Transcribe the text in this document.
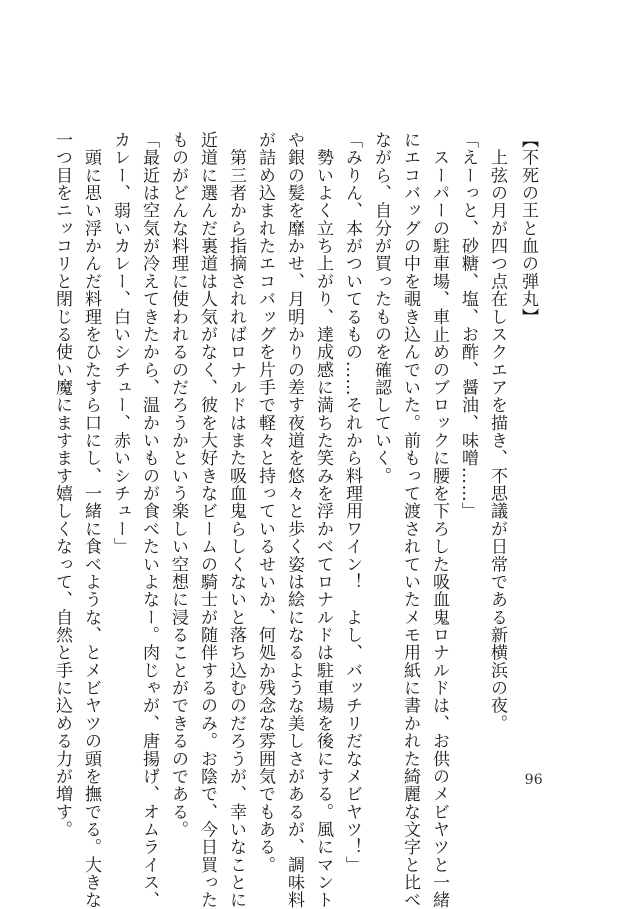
【不死の王と血の弾丸】
　上弦の月が四つ点在しスクエアを描き、不思議が日常である新横浜の夜。
「えーっと、砂糖、塩、お酢、醤油、味噌……」
　スーパーの駐車場、車止めのブロックに腰を下ろした吸血鬼ロナルドは、お供のメビヤツと一緒
にエコバッグの中を覗き込んでいた。前もって渡されていたメモ用紙に書かれた綺麗な文字と比べ
ながら、自分が買ったものを確認していく。
「みりん、本がついてるもの……それから料理用ワイン！　よし、バッチリだなメビヤツ！」
　勢いよく立ち上がり、達成感に満ちた笑みを浮かべてロナルドは駐車場を後にする。風にマント
や銀の髪を靡かせ、月明かりの差す夜道を悠々と歩く姿は絵になるような美しさがあるが、調味料
が詰め込まれたエコバッグを片手で軽々と持っているせいか、何処か残念な雰囲気でもある。
　第三者から指摘されればロナルドはまた吸血鬼らしくないと落ち込むのだろうが、幸いなことに
近道に選んだ裏道は人気がなく、彼を大好きなビームの騎士が随伴するのみ。お陰で、今日買った
ものがどんな料理に使われるのだろうかという楽しい空想に浸ることができるのである。
「最近は空気が冷えてきたから、温かいものが食べたいよなー。肉じゃが、唐揚げ、オムライス、
カレー、弱いカレー、白いシチュー、赤いシチュー」
　頭に思い浮かんだ料理をひたすら口にし、一緒に食べような、とメビヤツの頭を撫でる。大きな
一つ目をニッコリと閉じる使い魔にますます嬉しくなって、自然と手に込める力が増す。	96
